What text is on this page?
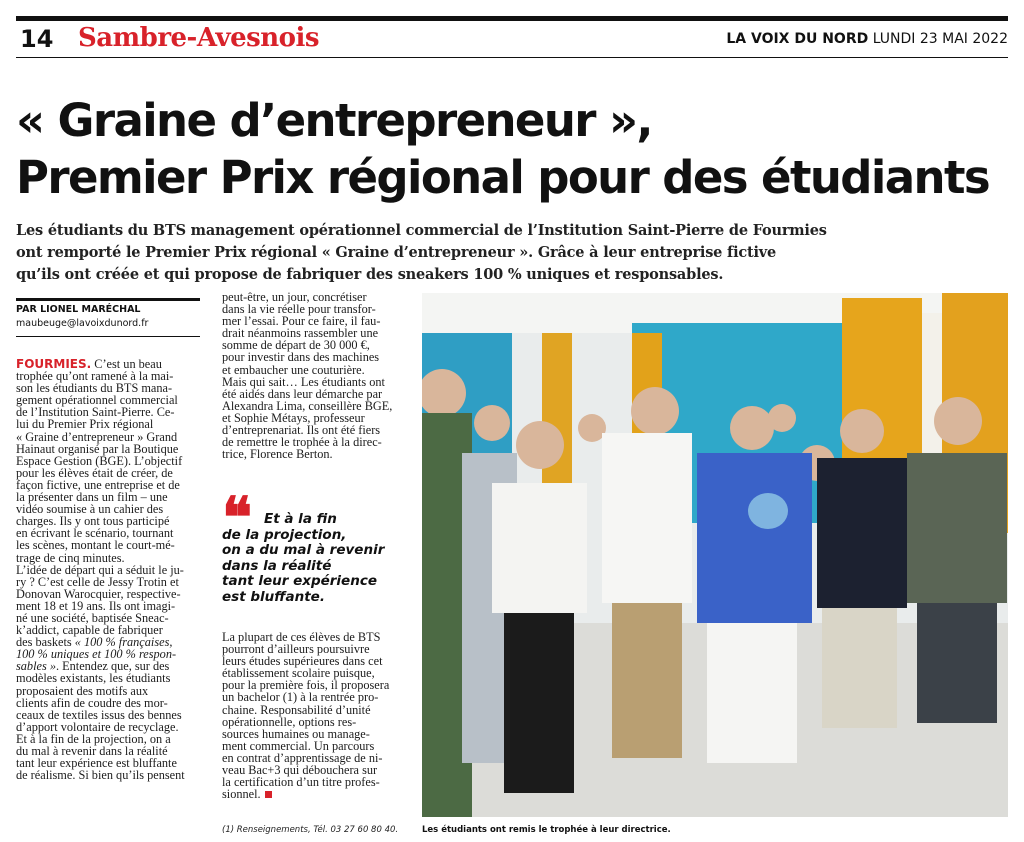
14 Sambre-Avesnois	LA VOIX DU NORD LUNDI 23 MAI 2022
« Graine d’entrepreneur »,
Premier Prix régional pour des étudiants
Les étudiants du BTS management opérationnel commercial de l’Institution Saint-Pierre de Fourmies
ont remporté le Premier Prix régional « Graine d’entrepreneur ». Grâce à leur entreprise fictive
qu’ils ont créée et qui propose de fabriquer des sneakers 100 % uniques et responsables.
PAR LIONEL MARÉCHAL
maubeuge@lavoixdunord.fr
FOURMIES. C’est un beau
trophée qu’ont ramené à la mai-
son les étudiants du BTS mana-
gement opérationnel commercial
de l’Institution Saint-Pierre. Ce-
lui du Premier Prix régional
« Graine d’entrepreneur » Grand
Hainaut organisé par la Boutique
Espace Gestion (BGE). L’objectif
pour les élèves était de créer, de
façon fictive, une entreprise et de
la présenter dans un film – une
vidéo soumise à un cahier des
charges. Ils y ont tous participé
en écrivant le scénario, tournant
les scènes, montant le court-mé-
trage de cinq minutes.
L’idée de départ qui a séduit le ju-
ry ? C’est celle de Jessy Trotin et
Donovan Warocquier, respective-
ment 18 et 19 ans. Ils ont imagi-
né une société, baptisée Sneac-
k’addict, capable de fabriquer
des baskets « 100 % françaises,
100 % uniques et 100 % respon-
sables ». Entendez que, sur des
modèles existants, les étudiants
proposaient des motifs aux
clients afin de coudre des mor-
ceaux de textiles issus des bennes
d’apport volontaire de recyclage.
Et à la fin de la projection, on a
du mal à revenir dans la réalité
tant leur expérience est bluffante
de réalisme. Si bien qu’ils pensent
peut-être, un jour, concrétiser
dans la vie réelle pour transfor-
mer l’essai. Pour ce faire, il fau-
drait néanmoins rassembler une
somme de départ de 30 000 €,
pour investir dans des machines
et embaucher une couturière.
Mais qui sait… Les étudiants ont
été aidés dans leur démarche par
Alexandra Lima, conseillère BGE,
et Sophie Métays, professeur
d’entreprenariat. Ils ont été fiers
de remettre le trophée à la direc-
trice, Florence Berton.
❝ Et à la fin
de la projection,
on a du mal à revenir
dans la réalité
tant leur expérience
est bluffante.
La plupart de ces élèves de BTS
pourront d’ailleurs poursuivre
leurs études supérieures dans cet
établissement scolaire puisque,
pour la première fois, il proposera
un bachelor (1) à la rentrée pro-
chaine. Responsabilité d’unité
opérationnelle, options res-
sources humaines ou manage-
ment commercial. Un parcours
en contrat d’apprentissage de ni-
veau Bac+3 qui débouchera sur
la certification d’un titre profes-
sionnel.
(1) Renseignements, Tél. 03 27 60 80 40.	Les étudiants ont remis le trophée à leur directrice.
